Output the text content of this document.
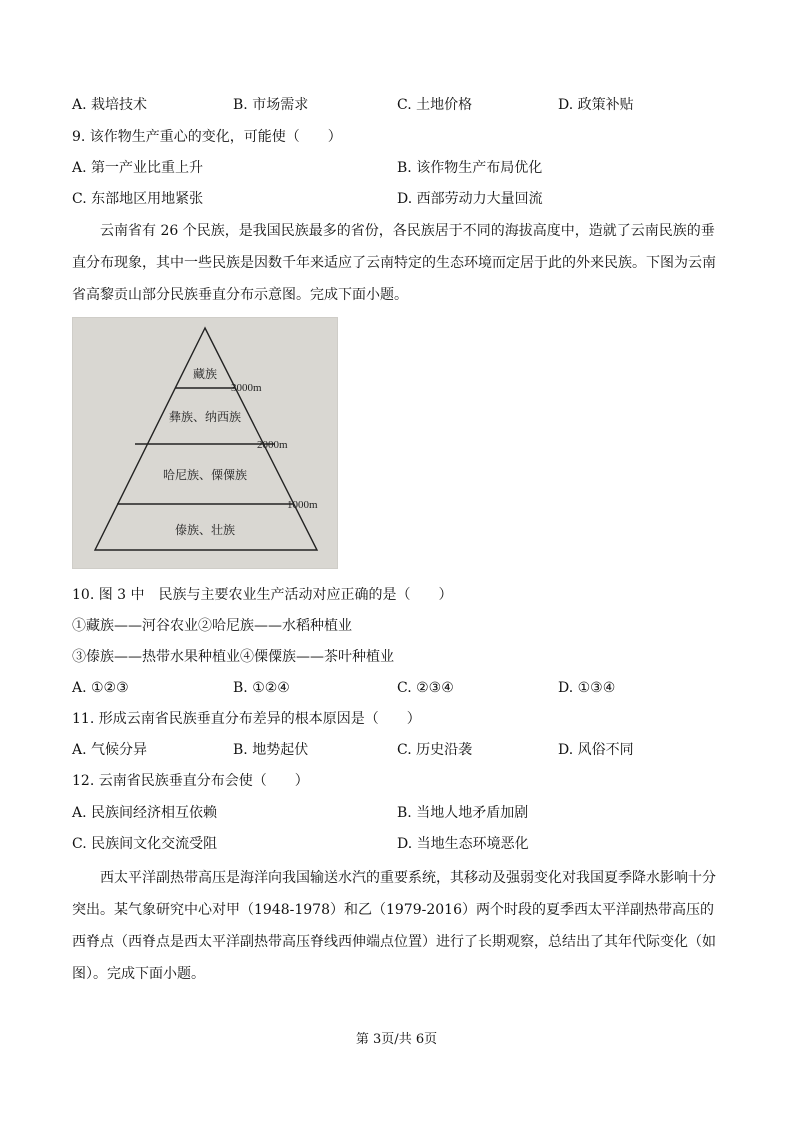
A. 栽培技术	B. 市场需求	C. 土地价格	D. 政策补贴
9. 该作物生产重心的变化，可能使（　　）
A. 第一产业比重上升	B. 该作物生产布局优化
C. 东部地区用地紧张	D. 西部劳动力大量回流
云南省有 26 个民族，是我国民族最多的省份，各民族居于不同的海拔高度中，造就了云南民族的垂直分布现象，其中一些民族是因数千年来适应了云南特定的生态环境而定居于此的外来民族。下图为云南省高黎贡山部分民族垂直分布示意图。完成下面小题。
藏族
彝族、纳西族
哈尼族、傈僳族
傣族、壮族
3000m
2000m
1000m
10. 图 3 中　民族与主要农业生产活动对应正确的是（　　）
①藏族——河谷农业②哈尼族——水稻种植业
③傣族——热带水果种植业④傈僳族——茶叶种植业
A. ①②③	B. ①②④	C. ②③④	D. ①③④
11. 形成云南省民族垂直分布差异的根本原因是（　　）
A. 气候分异	B. 地势起伏	C. 历史沿袭	D. 风俗不同
12. 云南省民族垂直分布会使（　　）
A. 民族间经济相互依赖	B. 当地人地矛盾加剧
C. 民族间文化交流受阻	D. 当地生态环境恶化
西太平洋副热带高压是海洋向我国输送水汽的重要系统，其移动及强弱变化对我国夏季降水影响十分突出。某气象研究中心对甲（1948-1978）和乙（1979-2016）两个时段的夏季西太平洋副热带高压的西脊点（西脊点是西太平洋副热带高压脊线西伸端点位置）进行了长期观察，总结出了其年代际变化（如图）。完成下面小题。
第 3页/共 6页
